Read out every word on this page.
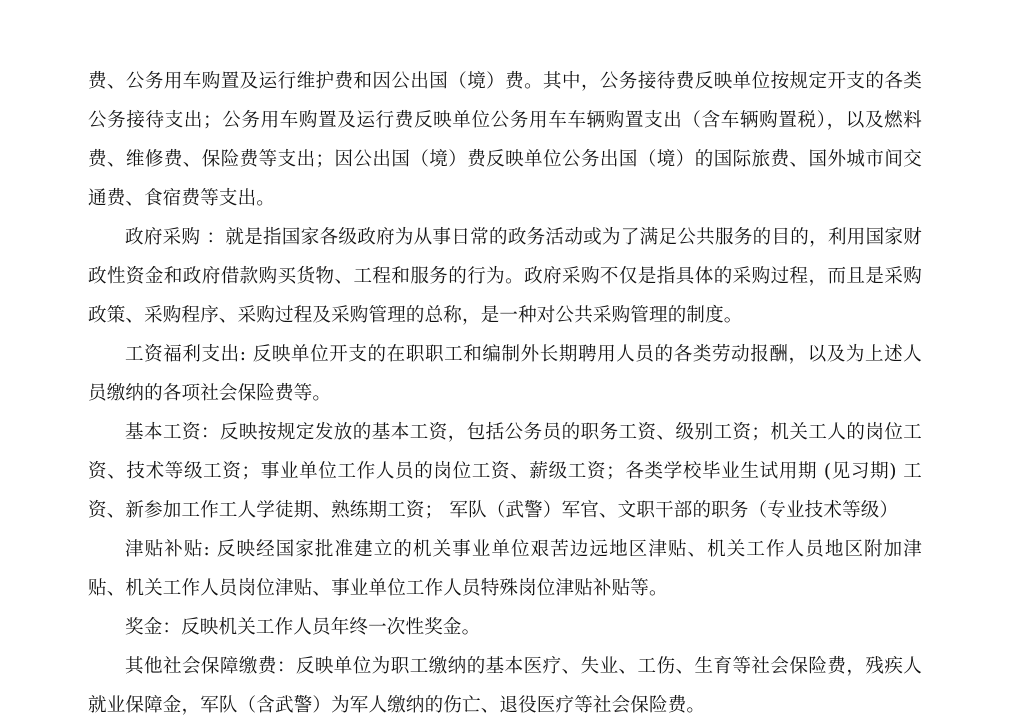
费、公务用车购置及运行维护费和因公出国（境）费。其中，公务接待费反映单位按规定开支的各类公务接待支出；公务用车购置及运行费反映单位公务用车车辆购置支出（含车辆购置税），以及燃料费、维修费、保险费等支出；因公出国（境）费反映单位公务出国（境）的国际旅费、国外城市间交通费、食宿费等支出。

政府采购 ：就是指国家各级政府为从事日常的政务活动或为了满足公共服务的目的，利用国家财政性资金和政府借款购买货物、工程和服务的行为。政府采购不仅是指具体的采购过程，而且是采购政策、采购程序、采购过程及采购管理的总称，是一种对公共采购管理的制度。

工资福利支出: 反映单位开支的在职职工和编制外长期聘用人员的各类劳动报酬，以及为上述人员缴纳的各项社会保险费等。

基本工资：反映按规定发放的基本工资，包括公务员的职务工资、级别工资；机关工人的岗位工资、技术等级工资；事业单位工作人员的岗位工资、薪级工资；各类学校毕业生试用期 (见习期) 工资、新参加工作工人学徒期、熟练期工资； 军队（武警）军官、文职干部的职务（专业技术等级）

津贴补贴: 反映经国家批准建立的机关事业单位艰苦边远地区津贴、机关工作人员地区附加津贴、机关工作人员岗位津贴、事业单位工作人员特殊岗位津贴补贴等。

奖金：反映机关工作人员年终一次性奖金。

其他社会保障缴费：反映单位为职工缴纳的基本医疗、失业、工伤、生育等社会保险费，残疾人就业保障金，军队（含武警）为军人缴纳的伤亡、退役医疗等社会保险费。
